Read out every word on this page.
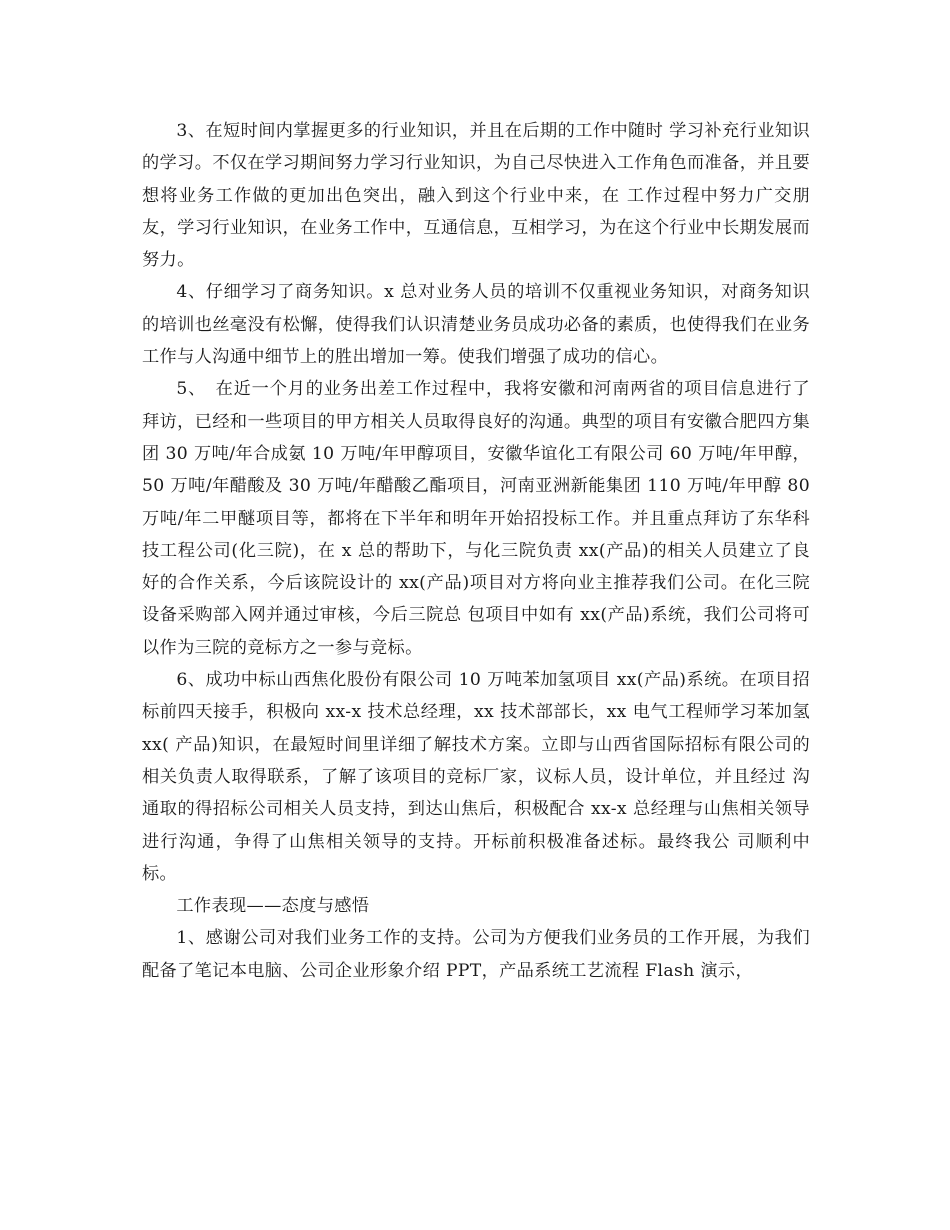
3、在短时间内掌握更多的行业知识，并且在后期的工作中随时 学习补充行业知识的学习。不仅在学习期间努力学习行业知识，为自己尽快进入工作角色而准备，并且要想将业务工作做的更加出色突出，融入到这个行业中来，在 工作过程中努力广交朋友，学习行业知识，在业务工作中，互通信息，互相学习，为在这个行业中长期发展而努力。

4、仔细学习了商务知识。x 总对业务人员的培训不仅重视业务知识，对商务知识的培训也丝毫没有松懈，使得我们认识清楚业务员成功必备的素质，也使得我们在业务工作与人沟通中细节上的胜出增加一筹。使我们增强了成功的信心。

5、　在近一个月的业务出差工作过程中，我将安徽和河南两省的项目信息进行了拜访，已经和一些项目的甲方相关人员取得良好的沟通。典型的项目有安徽合肥四方集团 30 万吨/年合成氨 10 万吨/年甲醇项目，安徽华谊化工有限公司 60 万吨/年甲醇，50 万吨/年醋酸及 30 万吨/年醋酸乙酯项目，河南亚洲新能集团 110 万吨/年甲醇 80 万吨/年二甲醚项目等，都将在下半年和明年开始招投标工作。并且重点拜访了东华科技工程公司(化三院)，在 x 总的帮助下，与化三院负责 xx(产品)的相关人员建立了良好的合作关系，今后该院设计的 xx(产品)项目对方将向业主推荐我们公司。在化三院设备采购部入网并通过审核，今后三院总 包项目中如有 xx(产品)系统，我们公司将可以作为三院的竞标方之一参与竞标。

6、成功中标山西焦化股份有限公司 10 万吨苯加氢项目 xx(产品)系统。在项目招标前四天接手，积极向 xx-x 技术总经理，xx 技术部部长，xx 电气工程师学习苯加氢 xx( 产品)知识，在最短时间里详细了解技术方案。立即与山西省国际招标有限公司的相关负责人取得联系，了解了该项目的竞标厂家，议标人员，设计单位，并且经过 沟通取的得招标公司相关人员支持，到达山焦后，积极配合 xx-x 总经理与山焦相关领导进行沟通，争得了山焦相关领导的支持。开标前积极准备述标。最终我公 司顺利中标。

工作表现——态度与感悟

1、感谢公司对我们业务工作的支持。公司为方便我们业务员的工作开展，为我们配备了笔记本电脑、公司企业形象介绍 PPT，产品系统工艺流程 Flash 演示，
